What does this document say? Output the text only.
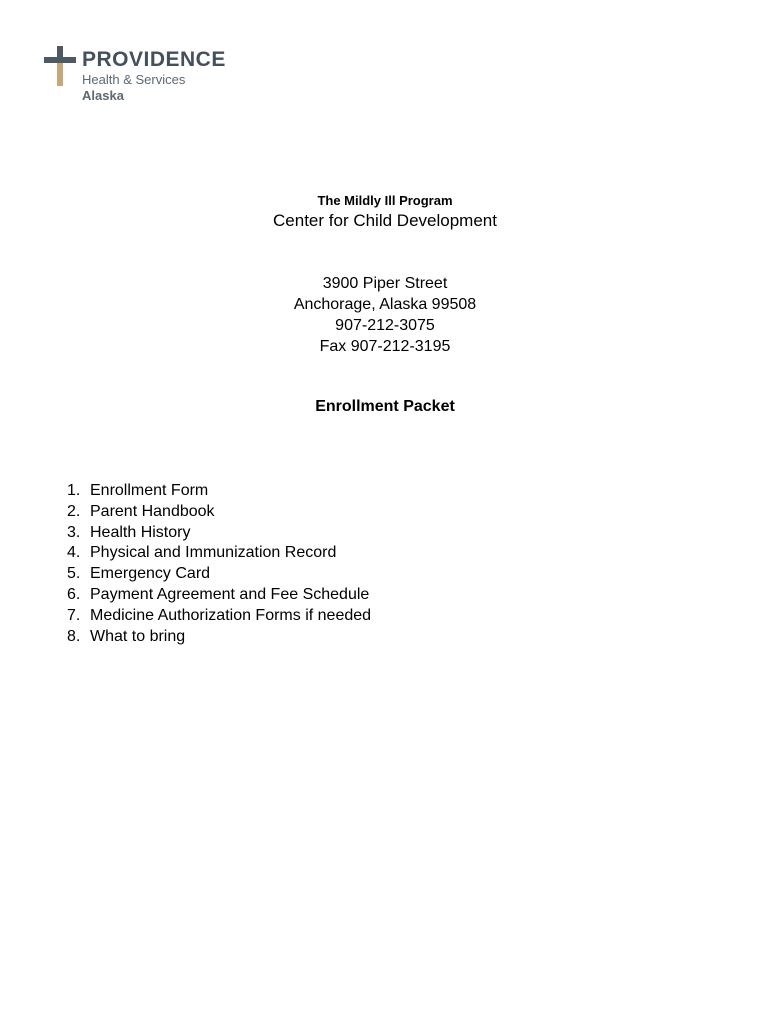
PROVIDENCE
Health & Services
Alaska
The Mildly Ill Program
Center for Child Development
3900 Piper Street
Anchorage, Alaska 99508
907-212-3075
Fax 907-212-3195
Enrollment Packet
1. Enrollment Form
2. Parent Handbook
3. Health History
4. Physical and Immunization Record
5. Emergency Card
6. Payment Agreement and Fee Schedule
7. Medicine Authorization Forms if needed
8. What to bring
